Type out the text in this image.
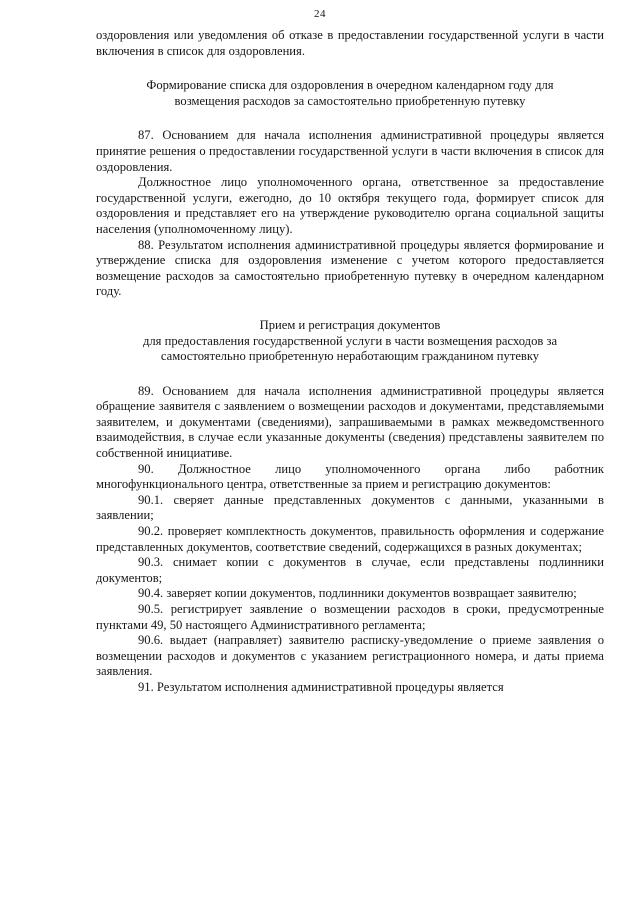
24

оздоровления или уведомления об отказе в предоставлении государственной услуги в части включения в список для оздоровления.

Формирование списка для оздоровления в очередном календарном году для
возмещения расходов за самостоятельно приобретенную путевку

87. Основанием для начала исполнения административной процедуры является принятие решения о предоставлении государственной услуги в части включения в список для оздоровления.

Должностное лицо уполномоченного органа, ответственное за предоставление государственной услуги, ежегодно, до 10 октября текущего года, формирует список для оздоровления и представляет его на утверждение руководителю органа социальной защиты населения (уполномоченному лицу).

88. Результатом исполнения административной процедуры является формирование и утверждение списка для оздоровления изменение с учетом которого предоставляется возмещение расходов за самостоятельно приобретенную путевку в очередном календарном году.

Прием и регистрация документов
для предоставления государственной услуги в части возмещения расходов за
самостоятельно приобретенную неработающим гражданином путевку

89. Основанием для начала исполнения административной процедуры является обращение заявителя с заявлением о возмещении расходов и документами, представляемыми заявителем, и документами (сведениями), запрашиваемыми в рамках межведомственного взаимодействия, в случае если указанные документы (сведения) представлены заявителем по собственной инициативе.

90. Должностное лицо уполномоченного органа либо работник многофункционального центра, ответственные за прием и регистрацию документов:

90.1. сверяет данные представленных документов с данными, указанными в заявлении;

90.2. проверяет комплектность документов, правильность оформления и содержание представленных документов, соответствие сведений, содержащихся в разных документах;

90.3. снимает копии с документов в случае, если представлены подлинники документов;

90.4. заверяет копии документов, подлинники документов возвращает заявителю;

90.5. регистрирует заявление о возмещении расходов в сроки, предусмотренные пунктами 49, 50 настоящего Административного регламента;

90.6. выдает (направляет) заявителю расписку-уведомление о приеме заявления о возмещении расходов и документов с указанием регистрационного номера, и даты приема заявления.

91. Результатом исполнения административной процедуры является
